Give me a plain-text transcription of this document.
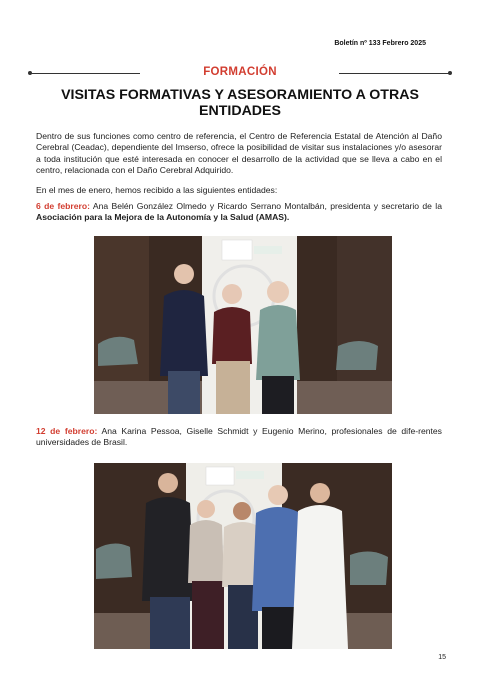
Boletín nº 133 Febrero 2025
FORMACIÓN
VISITAS FORMATIVAS Y ASESORAMIENTO A OTRAS ENTIDADES

Dentro de sus funciones como centro de referencia, el Centro de Referencia Estatal de Atención al Daño Cerebral (Ceadac), dependiente del Imserso, ofrece la posibilidad de visitar sus instalaciones y/o asesorar a toda institución que esté interesada en conocer el desarrollo de la actividad que se lleva a cabo en el centro, relacionada con el Daño Cerebral Adquirido.

En el mes de enero, hemos recibido a las siguientes entidades:

6 de febrero: Ana Belén González Olmedo y Ricardo Serrano Montalbán, presidenta y secretario de la Asociación para la Mejora de la Autonomía y la Salud (AMAS).

12 de febrero: Ana Karina Pessoa, Giselle Schmidt y Eugenio Merino, profesionales de dife-rentes universidades de Brasil.

15
